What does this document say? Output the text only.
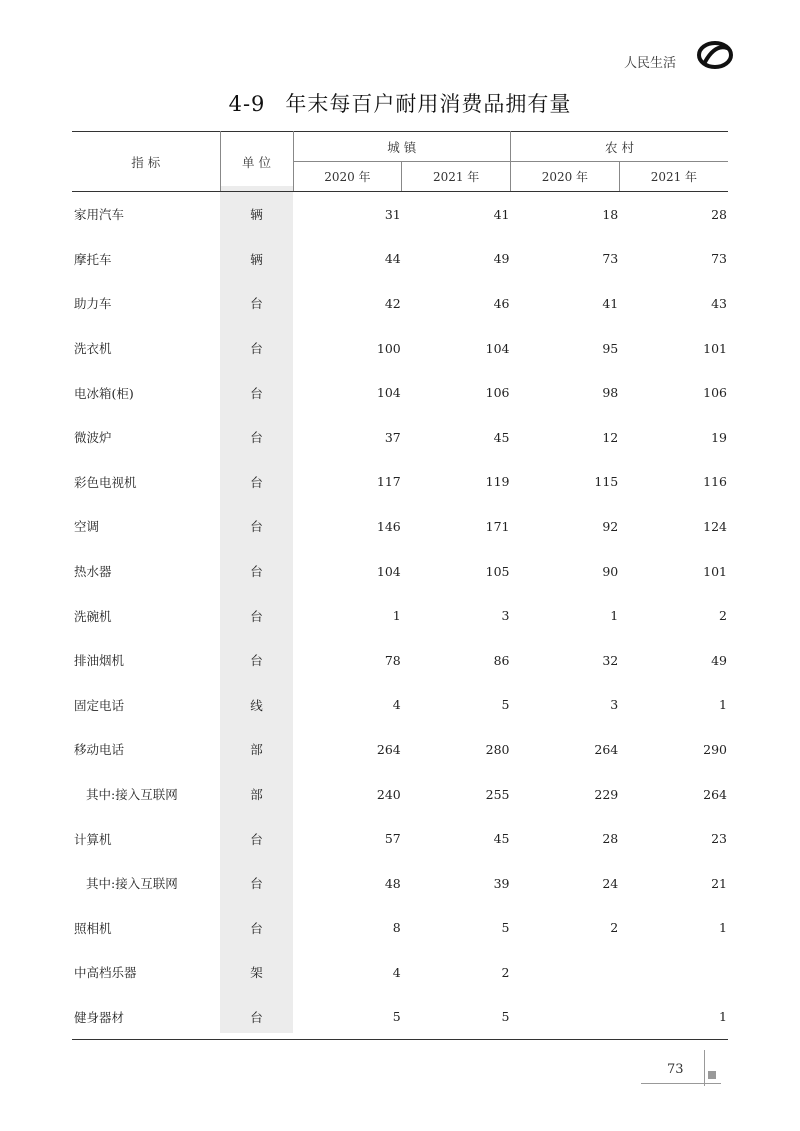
人民生活
4-9 年末每百户耐用消费品拥有量
指 标	单 位	城 镇		农 村	
		2020 年	2021 年	2020 年	2021 年
家用汽车	辆	31	41	18	28
摩托车	辆	44	49	73	73
助力车	台	42	46	41	43
洗衣机	台	100	104	95	101
电冰箱(柜)	台	104	106	98	106
微波炉	台	37	45	12	19
彩色电视机	台	117	119	115	116
空调	台	146	171	92	124
热水器	台	104	105	90	101
洗碗机	台	1	3	1	2
排油烟机	台	78	86	32	49
固定电话	线	4	5	3	1
移动电话	部	264	280	264	290
其中:接入互联网	部	240	255	229	264
计算机	台	57	45	28	23
其中:接入互联网	台	48	39	24	21
照相机	台	8	5	2	1
中高档乐器	架	4	2		
健身器材	台	5	5		1
73
